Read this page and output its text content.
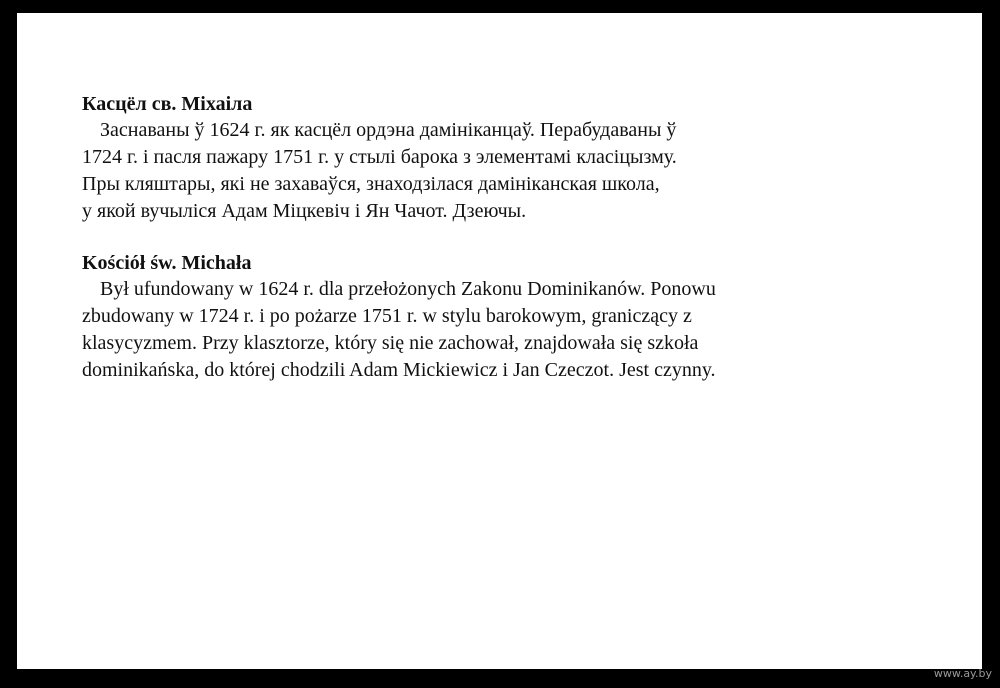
Касцёл св. Міхаіла

Заснаваны ў 1624 г. як касцёл ордэна дамініканцаў. Перабудаваны ў

1724 г. і пасля пажару 1751 г. у стылі барока з элементамі класіцызму.

Пры кляштары, які не захаваўся, знаходзілася дамініканская школа,

у якой вучыліся Адам Міцкевіч і Ян Чачот. Дзеючы.

Kościół św. Michała

Był ufundowany w 1624 r. dla przełożonych Zakonu Dominikanów. Ponowu

zbudowany w 1724 r. i po pożarze 1751 r. w stylu barokowym, graniczący z

klasycyzmem. Przy klasztorze, który się nie zachował, znajdowała się szkoła

dominikańska, do której chodzili Adam Mickiewicz i Jan Czeczot. Jest czynny.

www.ay.by
